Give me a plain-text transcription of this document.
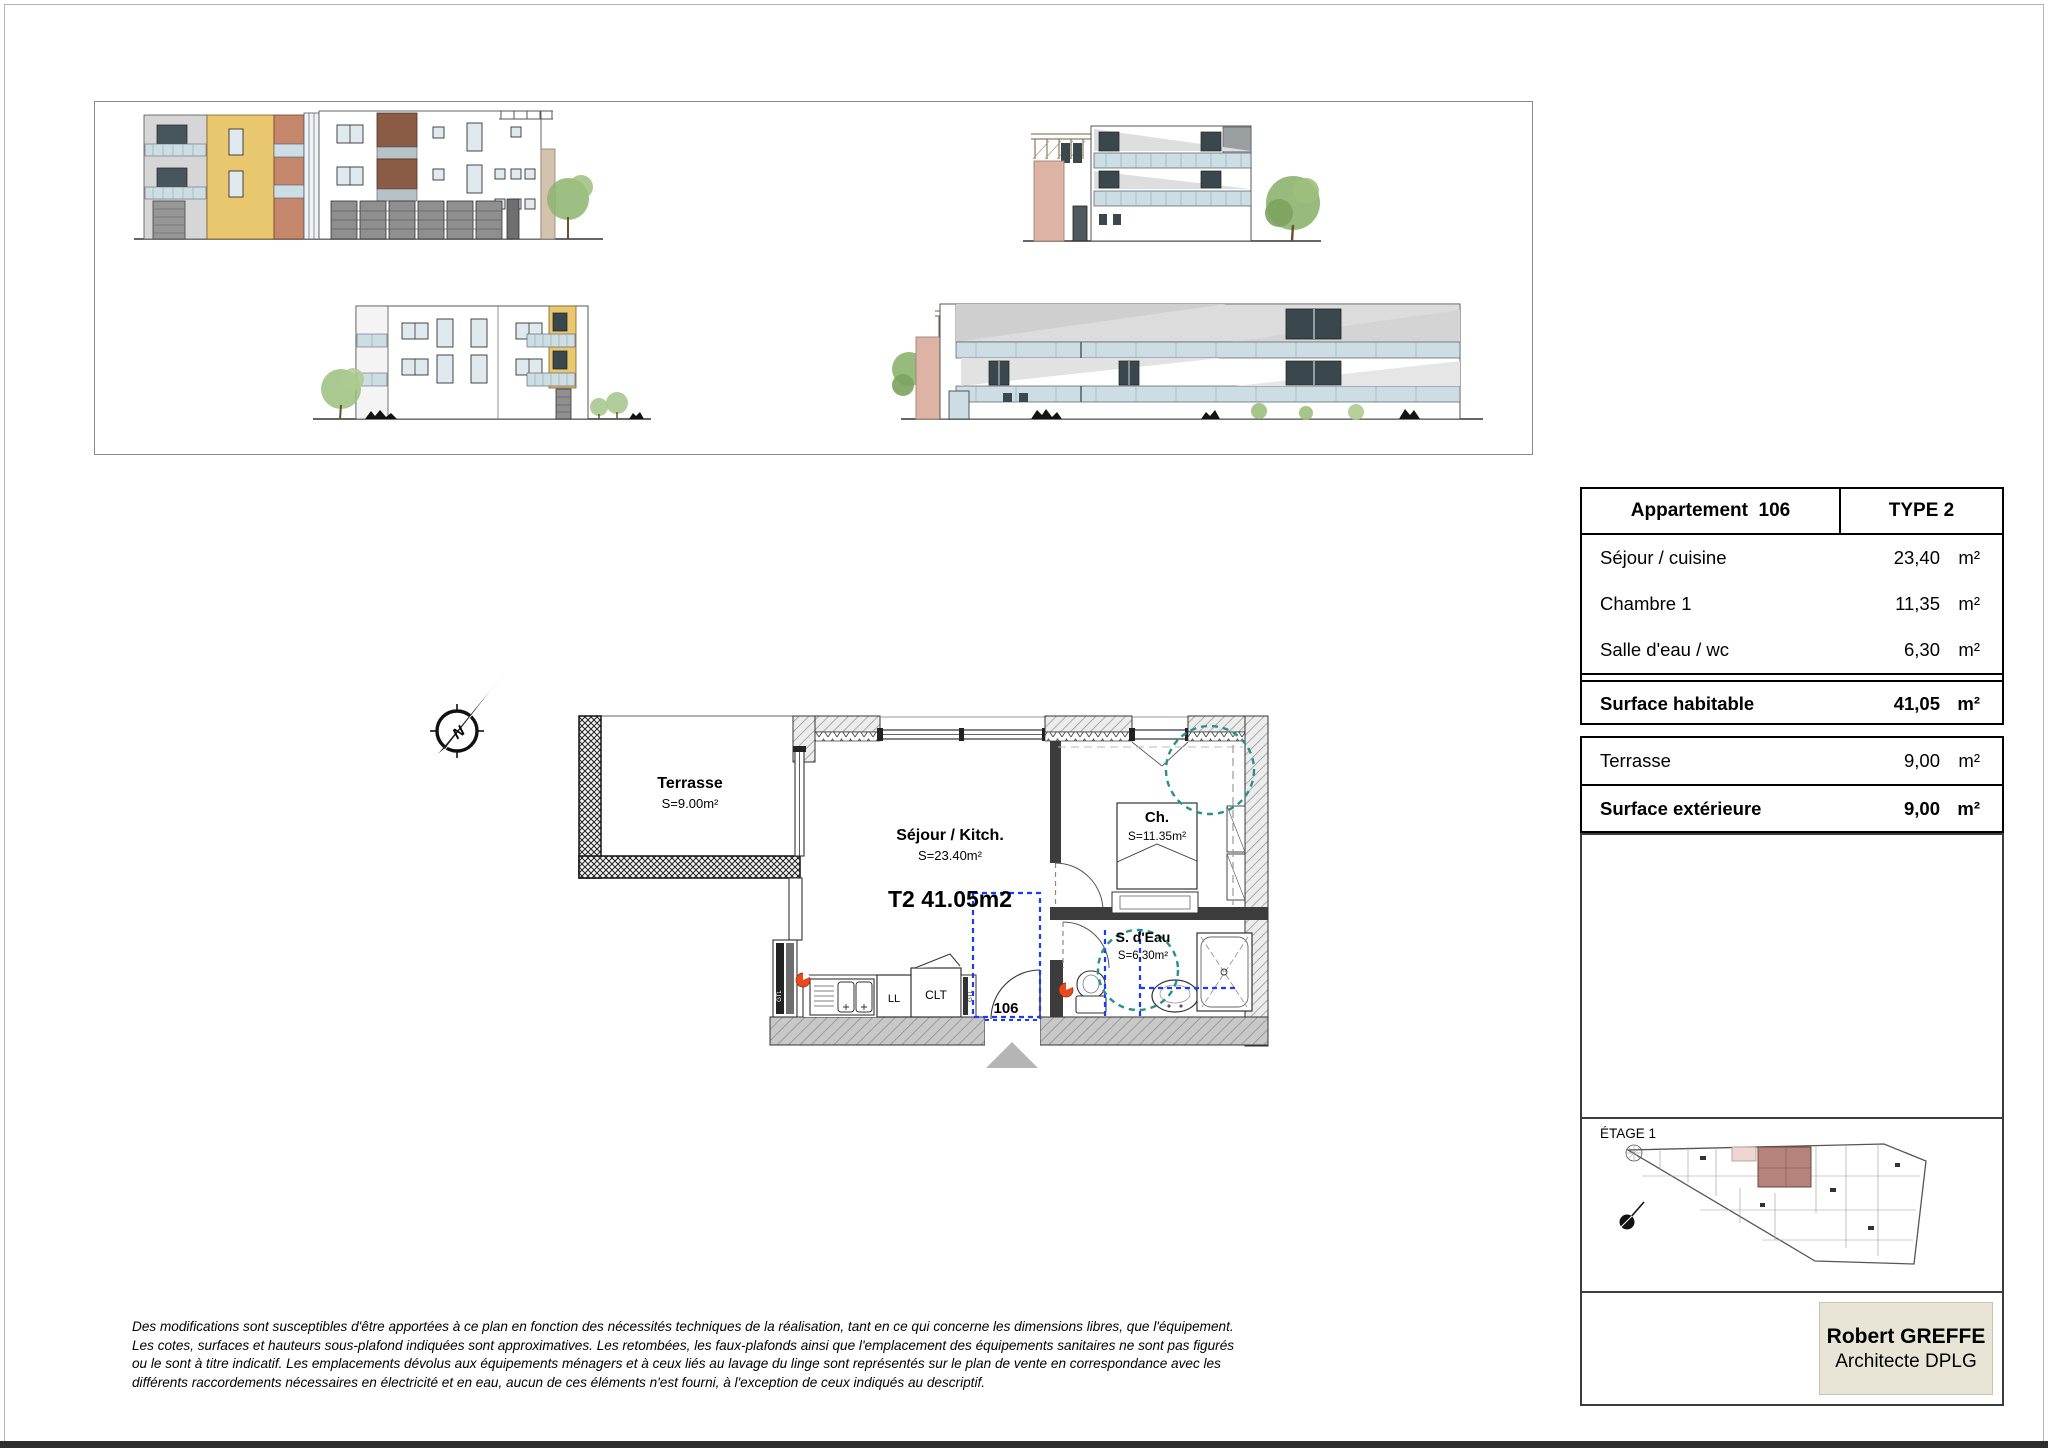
N
GTL	GTL
Terrasse
S=9.00m²
Séjour / Kitch.
S=23.40m²
T2 41.05m2
Ch.
S=11.35m²
S. d'Eau
S=6.30m²
106
LL CLT
Appartement  106	TYPE 2
Séjour / cuisine	23,40 m²
Chambre 1	11,35 m²
Salle d'eau / wc	6,30 m²
Surface habitable	41,05 m²
Terrasse	9,00 m²
Surface extérieure	9,00 m²
ÉTAGE 1
Robert GREFFE
Architecte DPLG
Des modifications sont susceptibles d'être apportées à ce plan en fonction des nécessités techniques de la réalisation, tant en ce qui concerne les dimensions libres, que l'équipement.
Les cotes, surfaces et hauteurs sous-plafond indiquées sont approximatives. Les retombées, les faux-plafonds ainsi que l'emplacement des équipements sanitaires ne sont pas figurés
ou le sont à titre indicatif. Les emplacements dévolus aux équipements ménagers et à ceux liés au lavage du linge sont représentés sur le plan de vente en correspondance avec les
différents raccordements nécessaires en électricité et en eau, aucun de ces éléments n'est fourni, à l'exception de ceux indiqués au descriptif.
